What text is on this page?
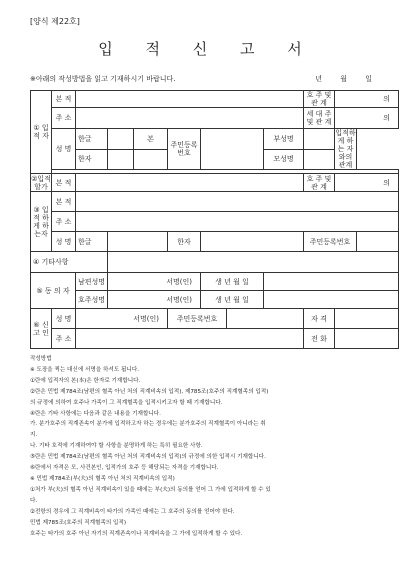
[양식 제22호]
입 적 신 고 서
※아래의 작성방법을 읽고 기재하시기 바랍니다.	년 월 일
① 입 적 자	본 적								호 주 및 관 계	의	
	주 소								세 대 주 및 관 계	의	
	성 명	한글		본	주민등록번호			부성명		입적하게 하는 자 와의 관계	
		한자						모성명			

②입적할가	본 적								호 주 및 관 계	의	
③ 입 적 하 게 하는자	본 적										
	주 소										
	성 명	한글			한자				주민등록번호		
④ 기타사항											
⑤ 동 의 자		남편성명	서명(인)			생 년 월 일					
		호주성명	서명(인)			생 년 월 일					
⑥ 신 고 인	성 명	서명(인)			주민등록번호				자 격		
	주 소								전 화		
작성방법
※ 도장을 찍는 대신에 서명을 하셔도 됩니다.
①란에 입적자의 본(本)은 한자로 기재합니다.
②란은 민법 제784조(남편의 혈족 아닌 처의 직계비속의 입적), 제785조(호주의 직계혈족의 입적)
의 규정에 의하여 호주나 가족이 그 직계혈족을 입적시키고자 할 때 기재합니다.
④란은 기타 사항에는 다음과 같은 내용을 기재합니다.
가. 분가호주의 직계존속이 분가에 입적하고자 하는 경우에는 분가호주의 직계혈족이 아니라는 취
지.
나. 기타 호적에 기재하여야 할 사항을 분명하게 하는 특히 필요한 사항.
⑤란은 민법 제784조(남편의 혈족 아닌 처의 직계비속의 입적)의 규정에 의한 입적시 기재합니다.
⑥란에서 자격은 모, 사건본인, 입적가의 호주 등 해당되는 자격을 기재합니다.
※ 민법 제784조(부(夫)의 혈족 아닌 처의 직계비속의 입적)
①처가 부(夫)의 혈족 아닌 직계비속이 있을 때에는 부(夫)의 동의를 얻어 그 가에 입적하게 할 수 있
다.
②전항의 경우에 그 직계비속이 타가의 가족인 때에는 그 호주의 동의를 얻어야 한다.
민법 제785조(호주의 직계혈족의 입적)
호주는 타가의 호주 아닌 자기의 직계존속이나 직계비속을 그 가에 입적하게 할 수 있다.
